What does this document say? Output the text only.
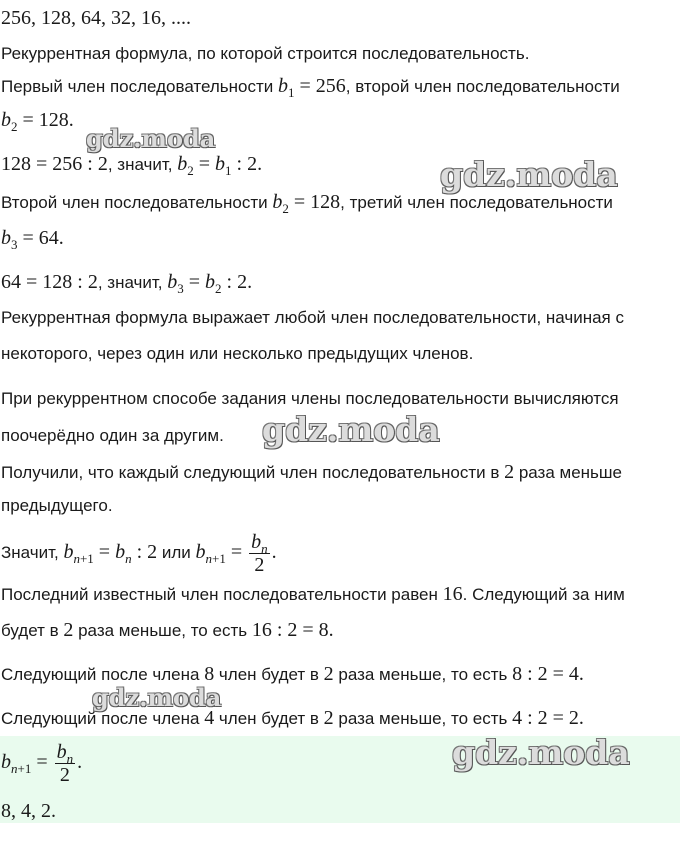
256, 128, 64, 32, 16, ....
Рекуррентная формула, по которой строится последовательность.
Первый член последовательности $b_1 = 256$, второй член последовательности
$b_2 = 128$.
128 = 256 : 2, значит, $b_2 = b_1$ : 2.
Второй член последовательности $b_2 = 128$, третий член последовательности
$b_3 = 64$.
64 = 128 : 2, значит, $b_3 = b_2$ : 2.
Рекуррентная формула выражает любой член последовательности, начиная с
некоторого, через один или несколько предыдущих членов.
При рекуррентном способе задания члены последовательности вычисляются
поочерёдно один за другим.
Получили, что каждый следующий член последовательности в 2 раза меньше
предыдущего.
Значит, $b_{n+1} = b_n$ : 2 или $b_{n+1} = \frac{b_n}{2}$ .
Последний известный член последовательности равен 16. Следующий за ним
будет в 2 раза меньше, то есть 16 : 2 = 8.
Следующий после члена 8 член будет в 2 раза меньше, то есть 8 : 2 = 4.
Следующий после члена 4 член будет в 2 раза меньше, то есть 4 : 2 = 2.
$b_{n+1} = \frac{b_n}{2}$ .
8, 4, 2.
gdz.moda
gdz.moda
gdz.moda
gdz.moda
gdz.moda
